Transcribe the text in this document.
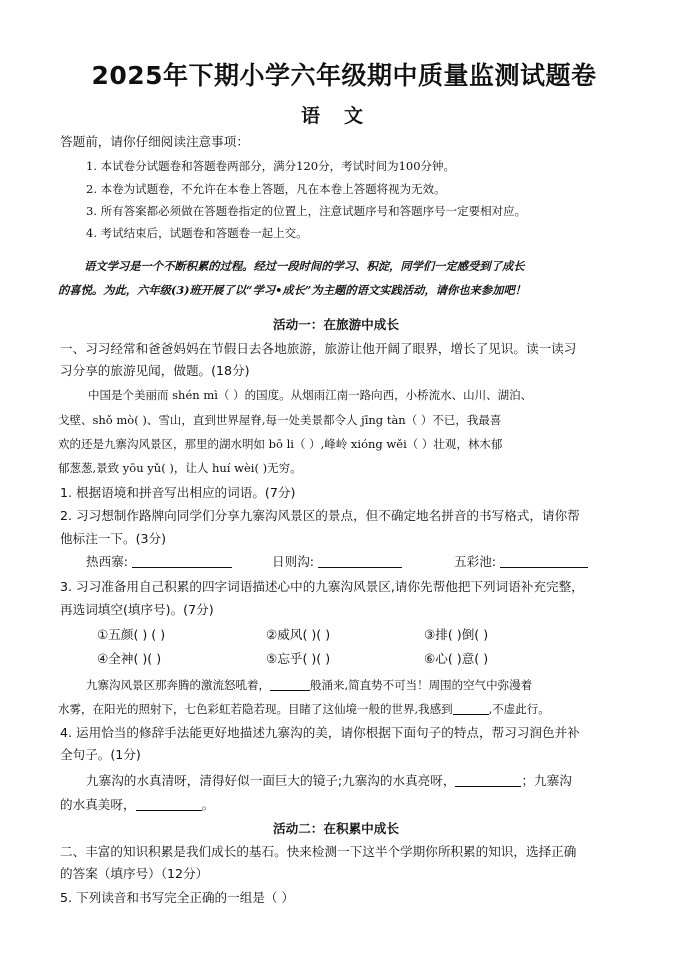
2025年下期小学六年级期中质量监测试题卷
语文
答题前，请你仔细阅读注意事项：
1. 本试卷分试题卷和答题卷两部分，满分120分，考试时间为100分钟。
2. 本卷为试题卷，不允许在本卷上答题，凡在本卷上答题将视为无效。
3. 所有答案都必须做在答题卷指定的位置上，注意试题序号和答题序号一定要相对应。
4. 考试结束后，试题卷和答题卷一起上交。
语文学习是一个不断积累的过程。经过一段时间的学习、积淀，同学们一定感受到了成长
的喜悦。为此，六年级(3)班开展了以“学习•成长”为主题的语文实践活动，请你也来参加吧！
活动一：在旅游中成长
一、习习经常和爸爸妈妈在节假日去各地旅游，旅游让他开阔了眼界，增长了见识。读一读习
习分享的旅游见闻，做题。(18分)
中国是个美丽而 shén mì（ ）的国度。从烟雨江南一路向西，小桥流水、山川、湖泊、
戈壁、shǒ mò( )、雪山，直到世界屋脊,每一处美景都令人 jīng tàn（ ）不已，我最喜
欢的还是九寨沟风景区，那里的湖水明如 bō li（ ）,峰岭 xióng wěi（ ）壮观，林木郁
郁葱葱,景致 yōu yǔ( )，让人 huí wèi( )无穷。
1. 根据语境和拼音写出相应的词语。(7分)
2. 习习想制作路牌向同学们分享九寨沟风景区的景点，但不确定地名拼音的书写格式，请你帮
他标注一下。(3分)
热西寨:	日则沟:	五彩池:
3. 习习准备用自己积累的四字词语描述心中的九寨沟风景区,请你先帮他把下列词语补充完整，
再选词填空(填序号)。(7分)
①五颜( ) ( )	②威风( )( )	③排( )倒( )
④全神( )( )	⑤忘乎( )( )	⑥心( )意( )
九寨沟风景区那奔腾的激流怒吼着，	般涌来,简直势不可当！周围的空气中弥漫着
水雾，在阳光的照射下，七色彩虹若隐若现。目睹了这仙境一般的世界,我感到	,不虚此行。
4. 运用恰当的修辞手法能更好地描述九寨沟的美，请你根据下面句子的特点，帮习习润色并补
全句子。(1分)
九寨沟的水真清呀，清得好似一面巨大的镜子;九寨沟的水真亮呀，	；九寨沟
的水真美呀，	。
活动二：在积累中成长
二、丰富的知识积累是我们成长的基石。快来检测一下这半个学期你所积累的知识，选择正确
的答案（填序号）（12分）
5. 下列读音和书写完全正确的一组是（ ）
